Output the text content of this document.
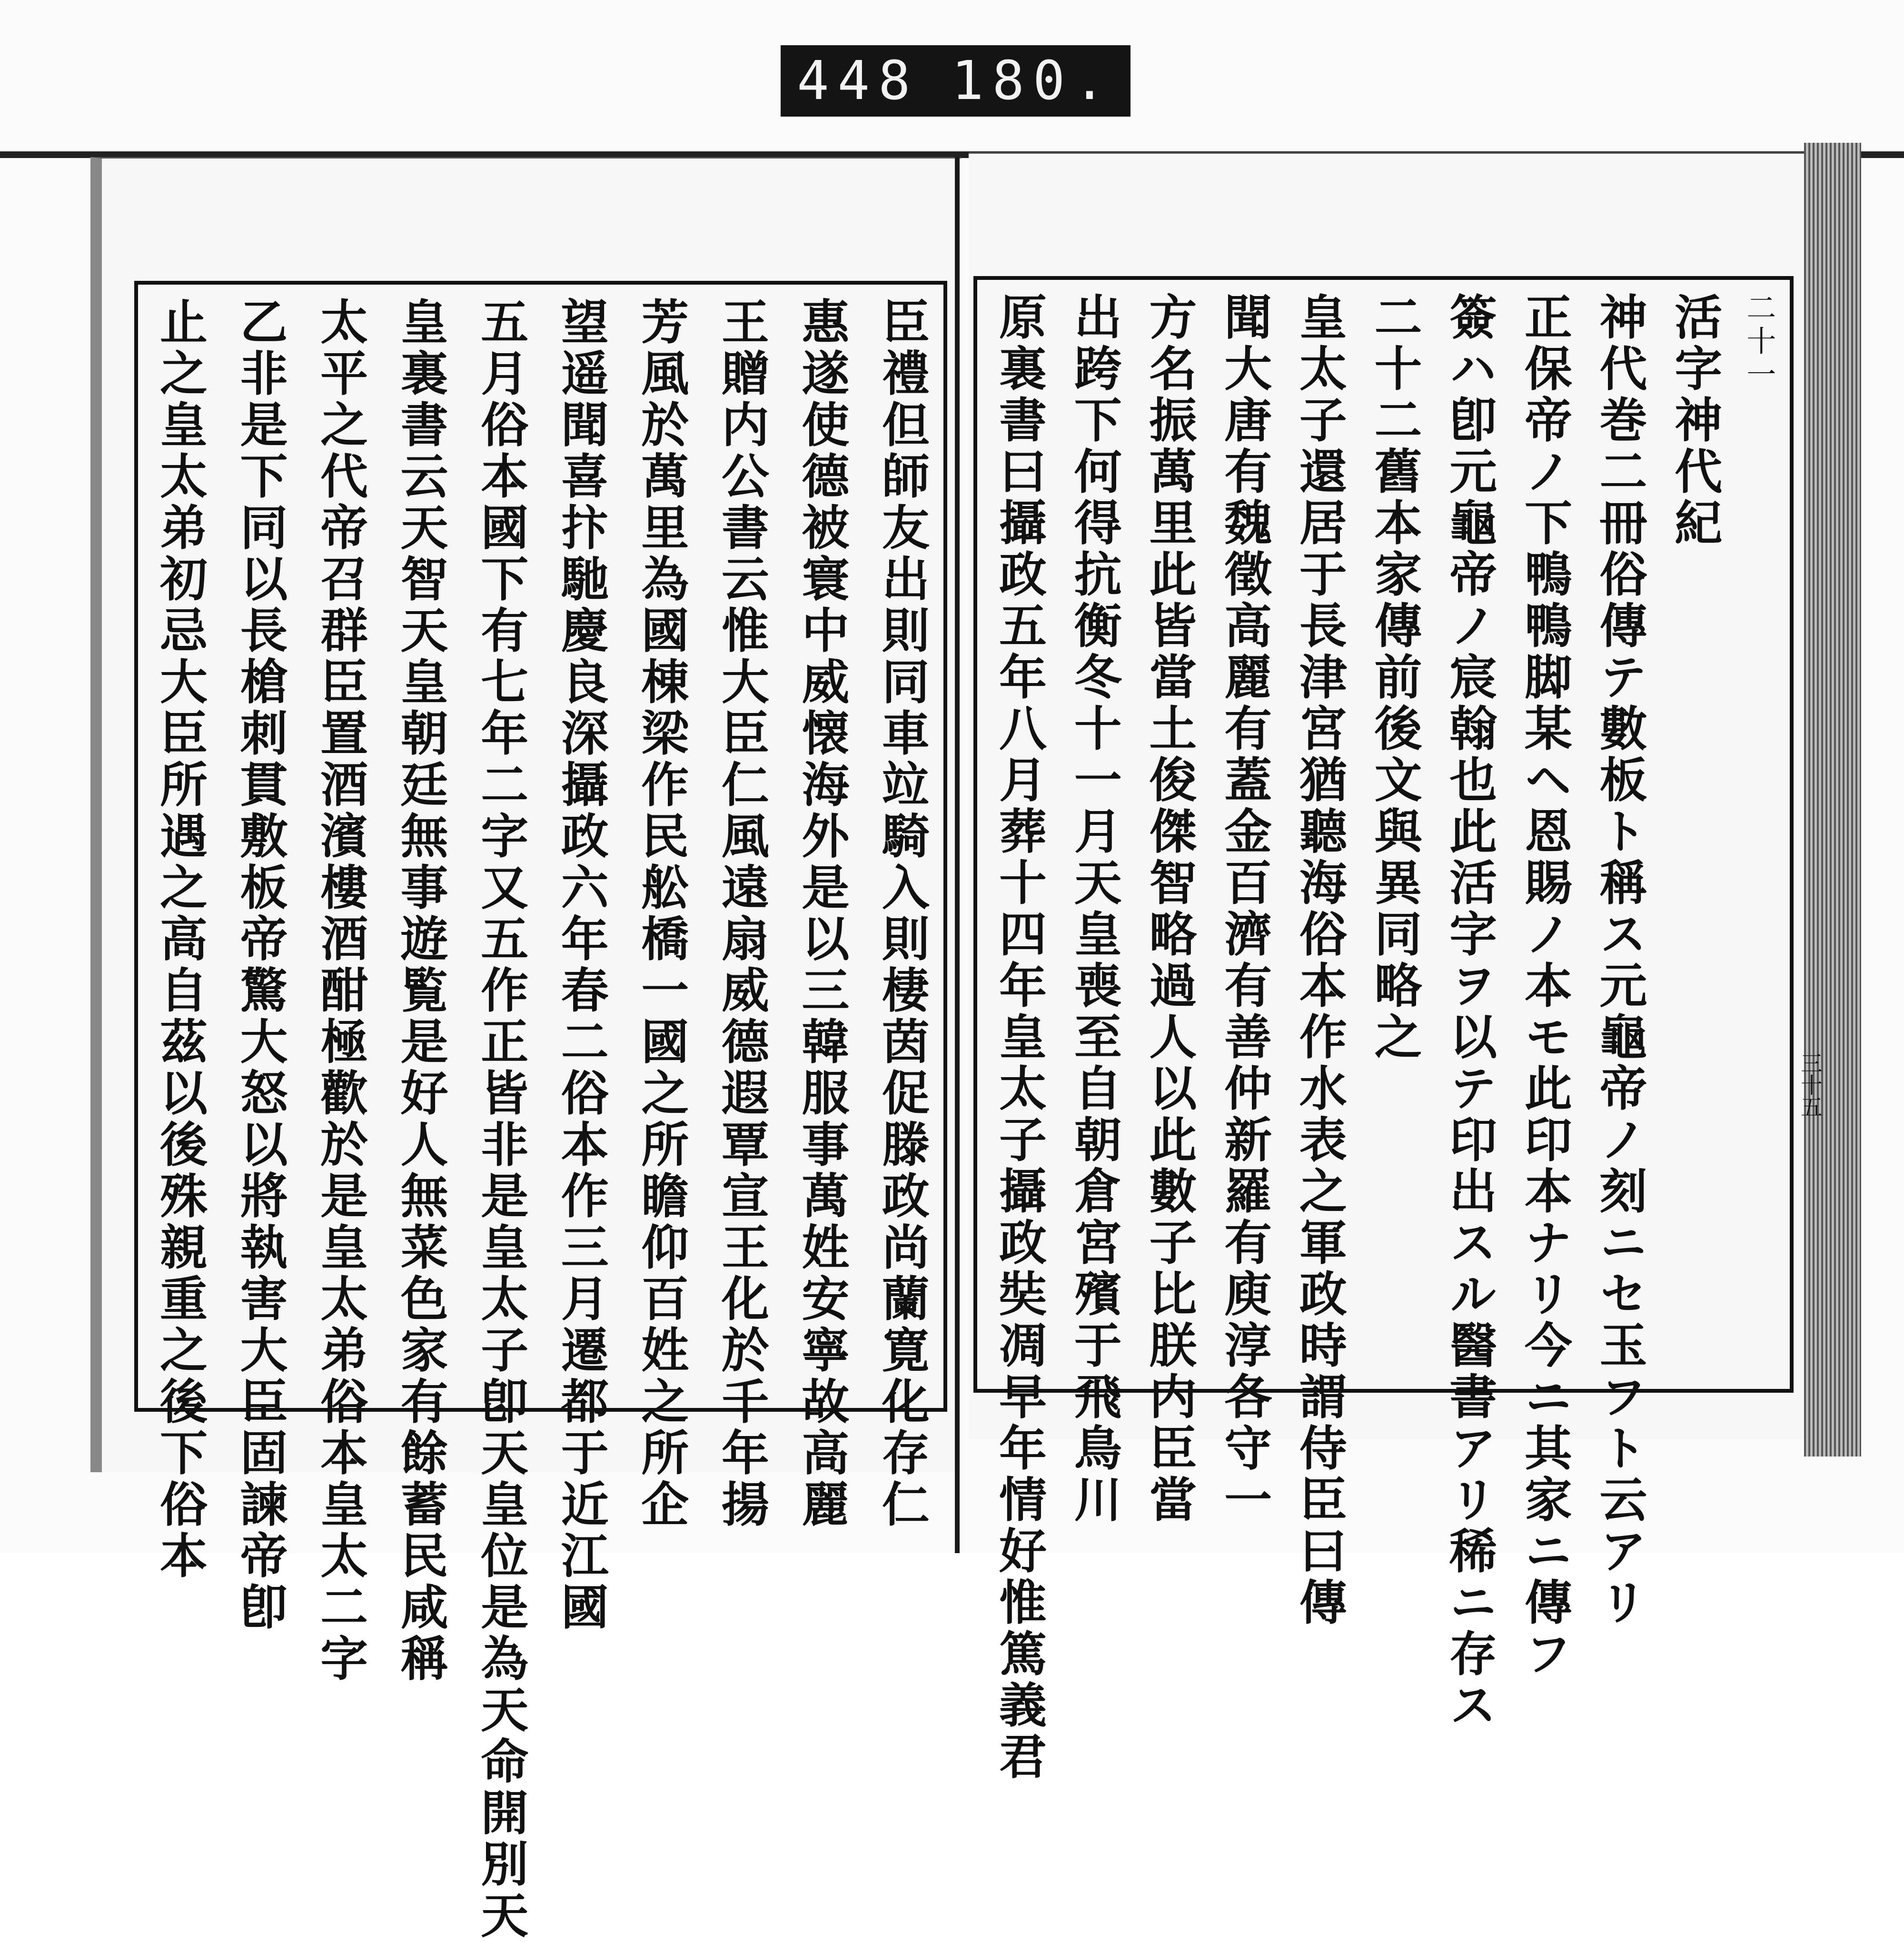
448 180.
臣禮但師友出則同車竝騎入則棲茵促滕政尚蘭寛化存仁
惠遂使德被寰中威懐海外是以三韓服事萬姓安寧故高麗
王贈内公書云惟大臣仁風遠扇威德遐覃宣王化於千年揚
芳風於萬里為國棟梁作民舩橋一國之所瞻仰百姓之所企
望遥聞喜抃馳慶良深攝政六年春二俗本作三月遷都于近江國
五月俗本國下有七年二字又五作正皆非是皇太子卽天皇位是為天命開別天
皇裏書云天智天皇朝廷無事遊覧是好人無菜色家有餘蓄民咸稱
太平之代帝召群臣置酒濱樓酒酣極歡於是皇太弟俗本皇太二字
乙非是下同以長槍刺貫敷板帝驚大怒以將執害大臣固諫帝卽
止之皇太弟初忌大臣所遇之高自茲以後殊親重之後下俗本	二十一
活字神代紀
神代巻二冊俗傳テ數板ト稱ス元龜帝ノ刻ニセ玉フト云アリ
正保帝ノ下鴨鴨脚某ヘ恩賜ノ本モ此印本ナリ今ニ其家ニ傳フ
簽ハ卽元龜帝ノ宸翰也此活字ヲ以テ印出スル醫書アリ稀ニ存ス
二十二舊本家傳前後文與異同略之
皇太子還居于長津宮猶聽海俗本作水表之軍政時謂侍臣曰傳
聞大唐有魏徵高麗有蓋金百濟有善仲新羅有庾淳各守一
方名振萬里此皆當土俊傑智略過人以此數子比朕内臣當
出跨下何得抗衡冬十一月天皇喪至自朝倉宮殯于飛鳥川
原裏書曰攝政五年八月葬十四年皇太子攝政奘凋早年情好惟篤義君	三十五
